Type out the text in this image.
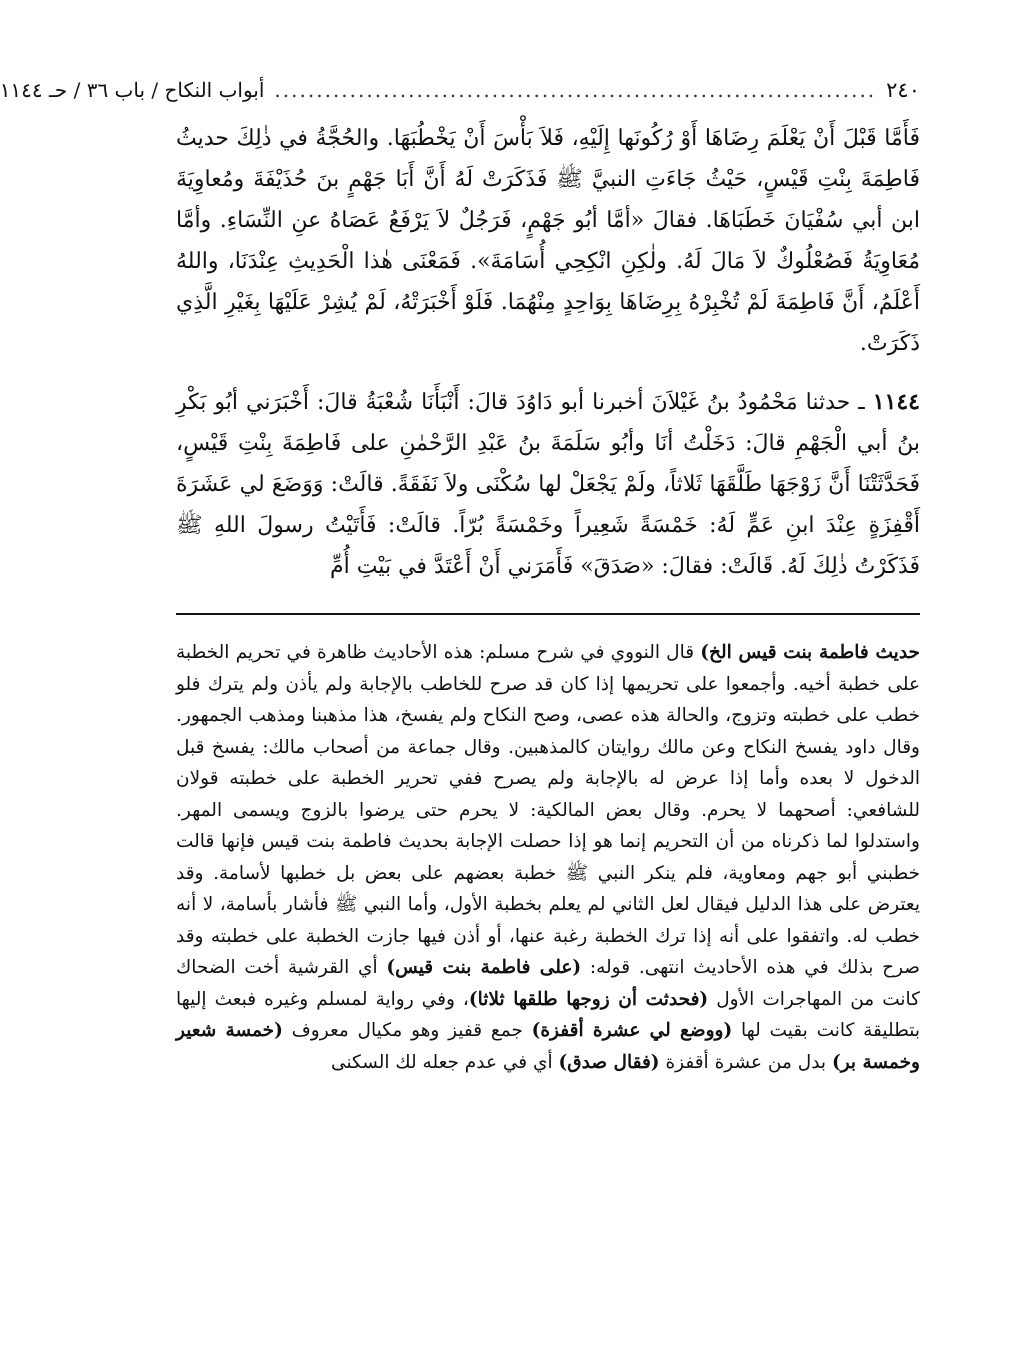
٢٤٠
........................................................................
أبواب النكاح / باب ٣٦ / حـ ١١٤٤

فَأَمَّا قَبْلَ أَنْ يَعْلَمَ رِضَاهَا أَوْ رُكُونَها إِلَيْهِ، فَلاَ بَأْسَ أَنْ يَخْطُبَهَا. والحُجَّةُ في ذٰلِكَ حديثُ فَاطِمَةَ بِنْتِ قَيْسٍ، حَيْثُ جَاءَتِ النبيَّ ﷺ فَذَكَرَتْ لَهُ أَنَّ أَبَا جَهْمٍ بنَ حُذَيْفَةَ ومُعاوِيَةَ ابن أبي سُفْيَانَ خَطَبَاهَا. فقالَ «أمَّا أبُو جَهْمٍ، فَرَجُلٌ لاَ يَرْفَعُ عَصَاهُ عنِ النِّسَاءِ. وأمَّا مُعَاوِيَةُ فَصُعْلُوكٌ لاَ مَالَ لَهُ. ولٰكِنِ انْكِحِي أُسَامَةَ». فَمَعْنَى هٰذا الْحَدِيثِ عِنْدَنَا، واللهُ أَعْلَمُ، أَنَّ فَاطِمَةَ لَمْ تُخْبِرْهُ بِرِضَاهَا بِوَاحِدٍ مِنْهُمَا. فَلَوْ أَخْبَرَتْهُ، لَمْ يُشِرْ عَلَيْهَا بِغَيْرِ الَّذِي ذَكَرَتْ.

١١٤٤ ـ حدثنا مَحْمُودُ بنُ غَيْلاَنَ أخبرنا أبو دَاوُدَ قالَ: أَنْبَأَنَا شُعْبَةُ قالَ: أَخْبَرَني أبُو بَكْرِ بنُ أبي الْجَهْمِ قالَ: دَخَلْتُ أنَا وأبُو سَلَمَةَ بنُ عَبْدِ الرَّحْمٰنِ على فَاطِمَةَ بِنْتِ قَيْسٍ، فَحَدَّثَتْنَا أَنَّ زَوْجَهَا طَلَّقَهَا ثَلاثاً، ولَمْ يَجْعَلْ لها سُكْنَى ولاَ نَفَقَةً. قالَتْ: وَوَضَعَ لي عَشَرَةَ أَقْفِزَةٍ عِنْدَ ابنِ عَمٍّ لَهُ: خَمْسَةً شَعِيراً وخَمْسَةً بُرّاً. قالَتْ: فَأَتَيْتُ رسولَ اللهِ ﷺ فَذَكَرْتُ ذٰلِكَ لَهُ. قَالَتْ: فقالَ: «صَدَقَ» فَأَمَرَني أَنْ أَعْتَدَّ في بَيْتِ أُمِّ

حديث فاطمة بنت قيس الخ) قال النووي في شرح مسلم: هذه الأحاديث ظاهرة في تحريم الخطبة على خطبة أخيه. وأجمعوا على تحريمها إذا كان قد صرح للخاطب بالإجابة ولم يأذن ولم يترك فلو خطب على خطبته وتزوج، والحالة هذه عصى، وصح النكاح ولم يفسخ، هذا مذهبنا ومذهب الجمهور. وقال داود يفسخ النكاح وعن مالك روايتان كالمذهبين. وقال جماعة من أصحاب مالك: يفسخ قبل الدخول لا بعده وأما إذا عرض له بالإجابة ولم يصرح ففي تحرير الخطبة على خطبته قولان للشافعي: أصحهما لا يحرم. وقال بعض المالكية: لا يحرم حتى يرضوا بالزوج ويسمى المهر. واستدلوا لما ذكرناه من أن التحريم إنما هو إذا حصلت الإجابة بحديث فاطمة بنت قيس فإنها قالت خطبني أبو جهم ومعاوية، فلم ينكر النبي ﷺ خطبة بعضهم على بعض بل خطبها لأسامة. وقد يعترض على هذا الدليل فيقال لعل الثاني لم يعلم بخطبة الأول، وأما النبي ﷺ فأشار بأسامة، لا أنه خطب له. واتفقوا على أنه إذا ترك الخطبة رغبة عنها، أو أذن فيها جازت الخطبة على خطبته وقد صرح بذلك في هذه الأحاديث انتهى. قوله: (على فاطمة بنت قيس) أي القرشية أخت الضحاك كانت من المهاجرات الأول (فحدثت أن زوجها طلقها ثلاثا)، وفي رواية لمسلم وغيره فبعث إليها بتطليقة كانت بقيت لها (ووضع لي عشرة أقفزة) جمع قفيز وهو مكيال معروف (خمسة شعير وخمسة بر) بدل من عشرة أقفزة (فقال صدق) أي في عدم جعله لك السكنى
